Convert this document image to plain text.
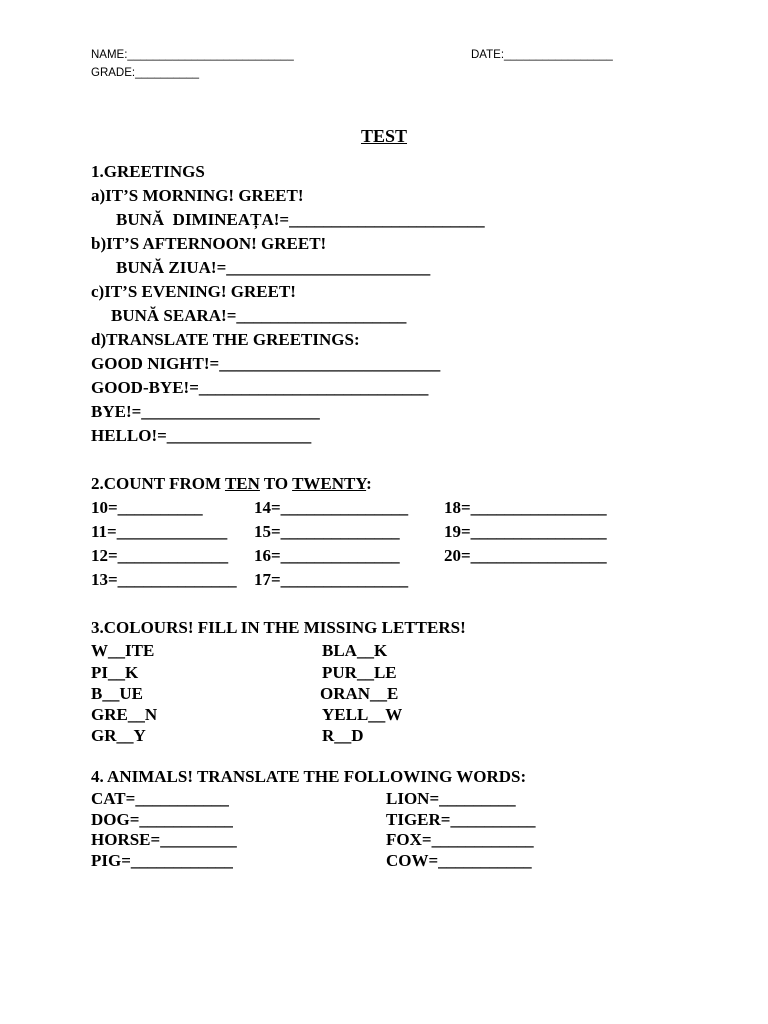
NAME:__________________________	DATE:_________________
GRADE:__________
TEST
1.GREETINGS
a)IT’S MORNING! GREET!
BUNĂ  DIMINEAȚA!=_______________________
b)IT’S AFTERNOON! GREET!
BUNĂ ZIUA!=________________________
c)IT’S EVENING! GREET!
BUNĂ SEARA!=____________________
d)TRANSLATE THE GREETINGS:
GOOD NIGHT!=__________________________
GOOD-BYE!=___________________________
BYE!=_____________________
HELLO!=_________________
2.COUNT FROM TEN TO TWENTY:
10=__________
11=_____________
12=_____________
13=______________
14=_______________
15=______________
16=______________
17=_______________
18=________________
19=________________
20=________________
3.COLOURS! FILL IN THE MISSING LETTERS!
W__ITE
PI__K
B__UE
GRE__N
GR__Y
BLA__K
PUR__LE
ORAN__E
YELL__W
R__D
4. ANIMALS! TRANSLATE THE FOLLOWING WORDS:
CAT=___________
DOG=___________
HORSE=_________
PIG=____________
LION=_________
TIGER=__________
FOX=____________
COW=___________
